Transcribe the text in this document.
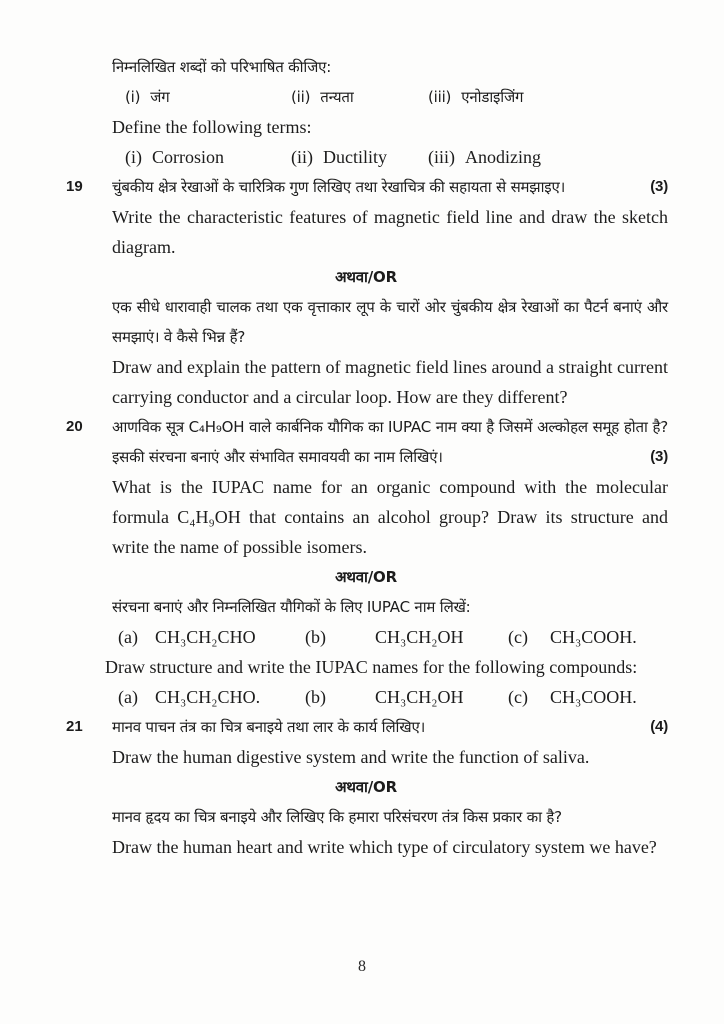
निम्नलिखित शब्दों को परिभाषित कीजिए:

(i) जंग	(ii) तन्यता	(iii) एनोडाइजिंग

Define the following terms:

(i) Corrosion	(ii) Ductility (iii) Anodizing
19 चुंबकीय क्षेत्र रेखाओं के चारित्रिक गुण लिखिए तथा रेखाचित्र की सहायता से समझाइए।	(3)

Write the characteristic features of magnetic field line and draw the sketch diagram.

अथवा/OR

एक सीधे धारावाही चालक तथा एक वृत्ताकार लूप के चारों ओर चुंबकीय क्षेत्र रेखाओं का पैटर्न बनाएं और समझाएं। वे कैसे भिन्न हैं?

Draw and explain the pattern of magnetic field lines around a straight current carrying conductor and a circular loop. How are they different?

20 आणविक सूत्र C₄H₉OH वाले कार्बनिक यौगिक का IUPAC नाम क्या है जिसमें अल्कोहल समूह होता है? इसकी संरचना बनाएं और संभावित समावयवी का नाम लिखिएं।	(3)

What is the IUPAC name for an organic compound with the molecular formula C₄H₉OH that contains an alcohol group? Draw its structure and write the name of possible isomers.

अथवा/OR

संरचना बनाएं और निम्नलिखित यौगिकों के लिए IUPAC नाम लिखें:

(a) CH₃CH₂CHO	(b)	CH₃CH₂OH	(c)	CH₃COOH.

Draw structure and write the IUPAC names for the following compounds:

(a) CH₃CH₂CHO.	(b)	CH₃CH₂OH	(c)	CH₃COOH.
21 मानव पाचन तंत्र का चित्र बनाइये तथा लार के कार्य लिखिए।	(4)

Draw the human digestive system and write the function of saliva.

अथवा/OR

मानव हृदय का चित्र बनाइये और लिखिए कि हमारा परिसंचरण तंत्र किस प्रकार का है?

Draw the human heart and write which type of circulatory system we have?

8
